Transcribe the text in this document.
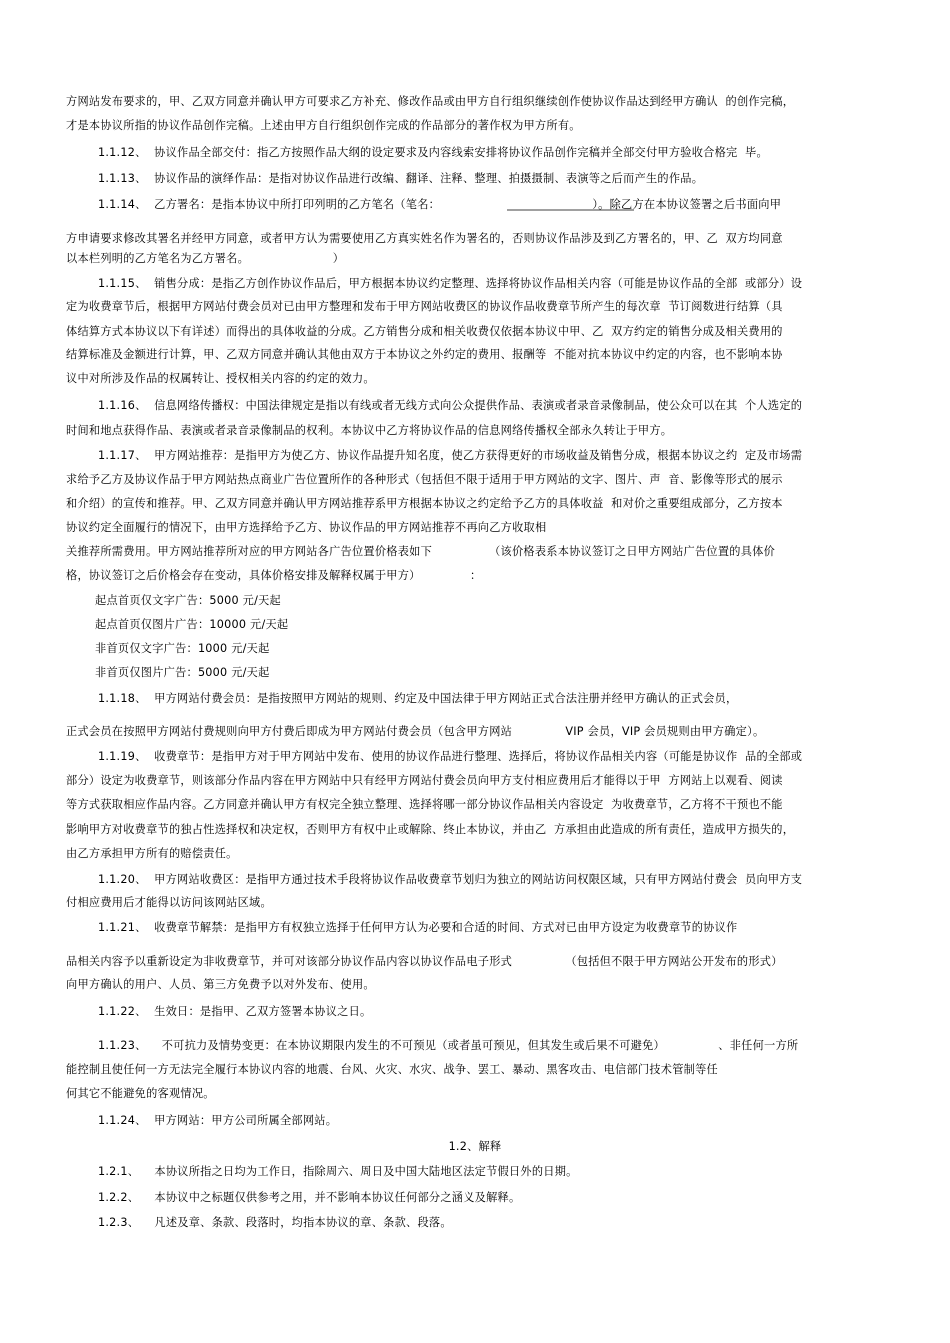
方网站发布要求的，甲、乙双方同意并确认甲方可要求乙方补充、修改作品或由甲方自行组织继续创作使协议作品达到经甲方确认  的创作完稿，
才是本协议所指的协议作品创作完稿。上述由甲方自行组织创作完成的作品部分的著作权为甲方所有。
1.1.12、  协议作品全部交付：指乙方按照作品大纲的设定要求及内容线索安排将协议作品创作完稿并全部交付甲方验收合格完  毕。
1.1.13、  协议作品的演绎作品：是指对协议作品进行改编、翻译、注释、整理、拍摄摄制、表演等之后而产生的作品。
1.1.14、  乙方署名：是指本协议中所打印列明的乙方笔名（笔名：                                        ）。除乙方在本协议签署之后书面向甲
方申请要求修改其署名并经甲方同意，或者甲方认为需要使用乙方真实姓名作为署名的，否则协议作品涉及到乙方署名的，甲、乙  双方均同意
以本栏列明的乙方笔名为乙方署名。                      ）
1.1.15、  销售分成：是指乙方创作协议作品后，甲方根据本协议约定整理、选择将协议作品相关内容（可能是协议作品的全部  或部分）设
定为收费章节后，根据甲方网站付费会员对已由甲方整理和发布于甲方网站收费区的协议作品收费章节所产生的每次章  节订阅数进行结算（具
体结算方式本协议以下有详述）而得出的具体收益的分成。乙方销售分成和相关收费仅依据本协议中甲、乙  双方约定的销售分成及相关费用的
结算标准及金额进行计算，甲、乙双方同意并确认其他由双方于本协议之外约定的费用、报酬等  不能对抗本协议中约定的内容，也不影响本协
议中对所涉及作品的权属转让、授权相关内容的约定的效力。
1.1.16、  信息网络传播权：中国法律规定是指以有线或者无线方式向公众提供作品、表演或者录音录像制品，使公众可以在其  个人选定的
时间和地点获得作品、表演或者录音录像制品的权利。本协议中乙方将协议作品的信息网络传播权全部永久转让于甲方。
1.1.17、  甲方网站推荐：是指甲方为使乙方、协议作品提升知名度，使乙方获得更好的市场收益及销售分成，根据本协议之约  定及市场需
求给予乙方及协议作品于甲方网站热点商业广告位置所作的各种形式（包括但不限于适用于甲方网站的文字、图片、声  音、影像等形式的展示
和介绍）的宣传和推荐。甲、乙双方同意并确认甲方网站推荐系甲方根据本协议之约定给予乙方的具体收益  和对价之重要组成部分，乙方按本
协议约定全面履行的情况下，由甲方选择给予乙方、协议作品的甲方网站推荐不再向乙方收取相
关推荐所需费用。甲方网站推荐所对应的甲方网站各广告位置价格表如下               （该价格表系本协议签订之日甲方网站广告位置的具体价
格，协议签订之后价格会存在变动，具体价格安排及解释权属于甲方）             ：
起点首页仅文字广告：5000 元/天起
起点首页仅图片广告：10000 元/天起
非首页仅文字广告：1000 元/天起
非首页仅图片广告：5000 元/天起
1.1.18、  甲方网站付费会员：是指按照甲方网站的规则、约定及中国法律于甲方网站正式合法注册并经甲方确认的正式会员，
正式会员在按照甲方网站付费规则向甲方付费后即成为甲方网站付费会员（包含甲方网站              VIP 会员，VIP 会员规则由甲方确定）。
1.1.19、  收费章节：是指甲方对于甲方网站中发布、使用的协议作品进行整理、选择后，将协议作品相关内容（可能是协议作  品的全部或
部分）设定为收费章节，则该部分作品内容在甲方网站中只有经甲方网站付费会员向甲方支付相应费用后才能得以于甲  方网站上以观看、阅读
等方式获取相应作品内容。乙方同意并确认甲方有权完全独立整理、选择将哪一部分协议作品相关内容设定  为收费章节，乙方将不干预也不能
影响甲方对收费章节的独占性选择权和决定权，否则甲方有权中止或解除、终止本协议，并由乙  方承担由此造成的所有责任，造成甲方损失的，
由乙方承担甲方所有的赔偿责任。
1.1.20、  甲方网站收费区：是指甲方通过技术手段将协议作品收费章节划归为独立的网站访问权限区域，只有甲方网站付费会  员向甲方支
付相应费用后才能得以访问该网站区域。
1.1.21、  收费章节解禁：是指甲方有权独立选择于任何甲方认为必要和合适的时间、方式对已由甲方设定为收费章节的协议作
品相关内容予以重新设定为非收费章节，并可对该部分协议作品内容以协议作品电子形式              （包括但不限于甲方网站公开发布的形式）
向甲方确认的用户、人员、第三方免费予以对外发布、使用。
1.1.22、  生效日：是指甲、乙双方签署本协议之日。
1.1.23、    不可抗力及情势变更：在本协议期限内发生的不可预见（或者虽可预见，但其发生或后果不可避免）              、非任何一方所
能控制且使任何一方无法完全履行本协议内容的地震、台风、火灾、水灾、战争、罢工、暴动、黑客攻击、电信部门技术管制等任
何其它不能避免的客观情况。
1.1.24、  甲方网站：甲方公司所属全部网站。
1.2、解释
1.2.1、    本协议所指之日均为工作日，指除周六、周日及中国大陆地区法定节假日外的日期。
1.2.2、    本协议中之标题仅供参考之用，并不影响本协议任何部分之涵义及解释。
1.2.3、    凡述及章、条款、段落时，均指本协议的章、条款、段落。
